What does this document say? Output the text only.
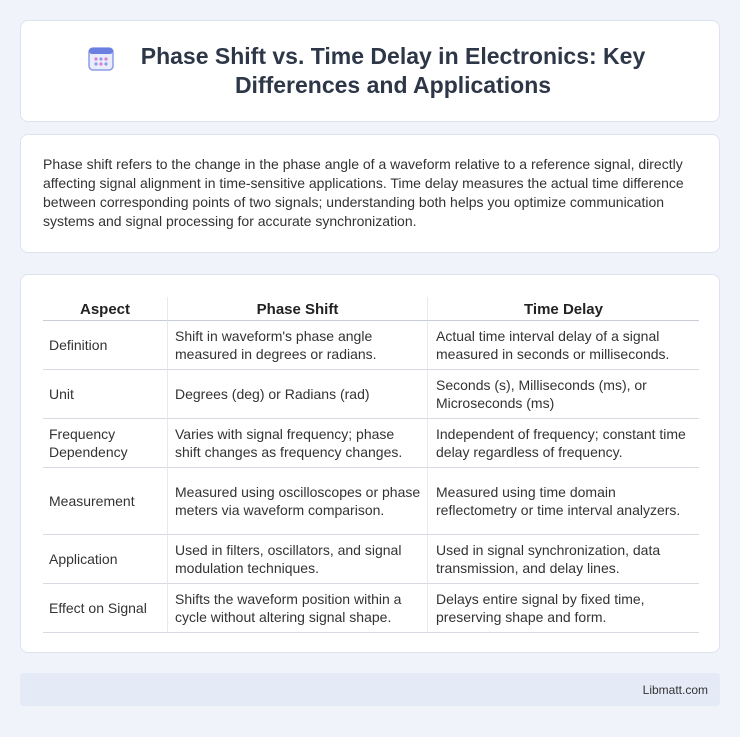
Phase Shift vs. Time Delay in Electronics: Key Differences and Applications

Phase shift refers to the change in the phase angle of a waveform relative to a reference signal, directly affecting signal alignment in time-sensitive applications. Time delay measures the actual time difference between corresponding points of two signals; understanding both helps you optimize communication systems and signal processing for accurate synchronization.

Aspect	Phase Shift	Time Delay
Definition	Shift in waveform's phase angle measured in degrees or radians.	Actual time interval delay of a signal measured in seconds or milliseconds.
Unit	Degrees (deg) or Radians (rad)	Seconds (s), Milliseconds (ms), or Microseconds (ms)
Frequency Dependency	Varies with signal frequency; phase shift changes as frequency changes.	Independent of frequency; constant time delay regardless of frequency.
Measurement	Measured using oscilloscopes or phase meters via waveform comparison.	Measured using time domain reflectometry or time interval analyzers.
Application	Used in filters, oscillators, and signal modulation techniques.	Used in signal synchronization, data transmission, and delay lines.
Effect on Signal	Shifts the waveform position within a cycle without altering signal shape.	Delays entire signal by fixed time, preserving shape and form.
Libmatt.com
